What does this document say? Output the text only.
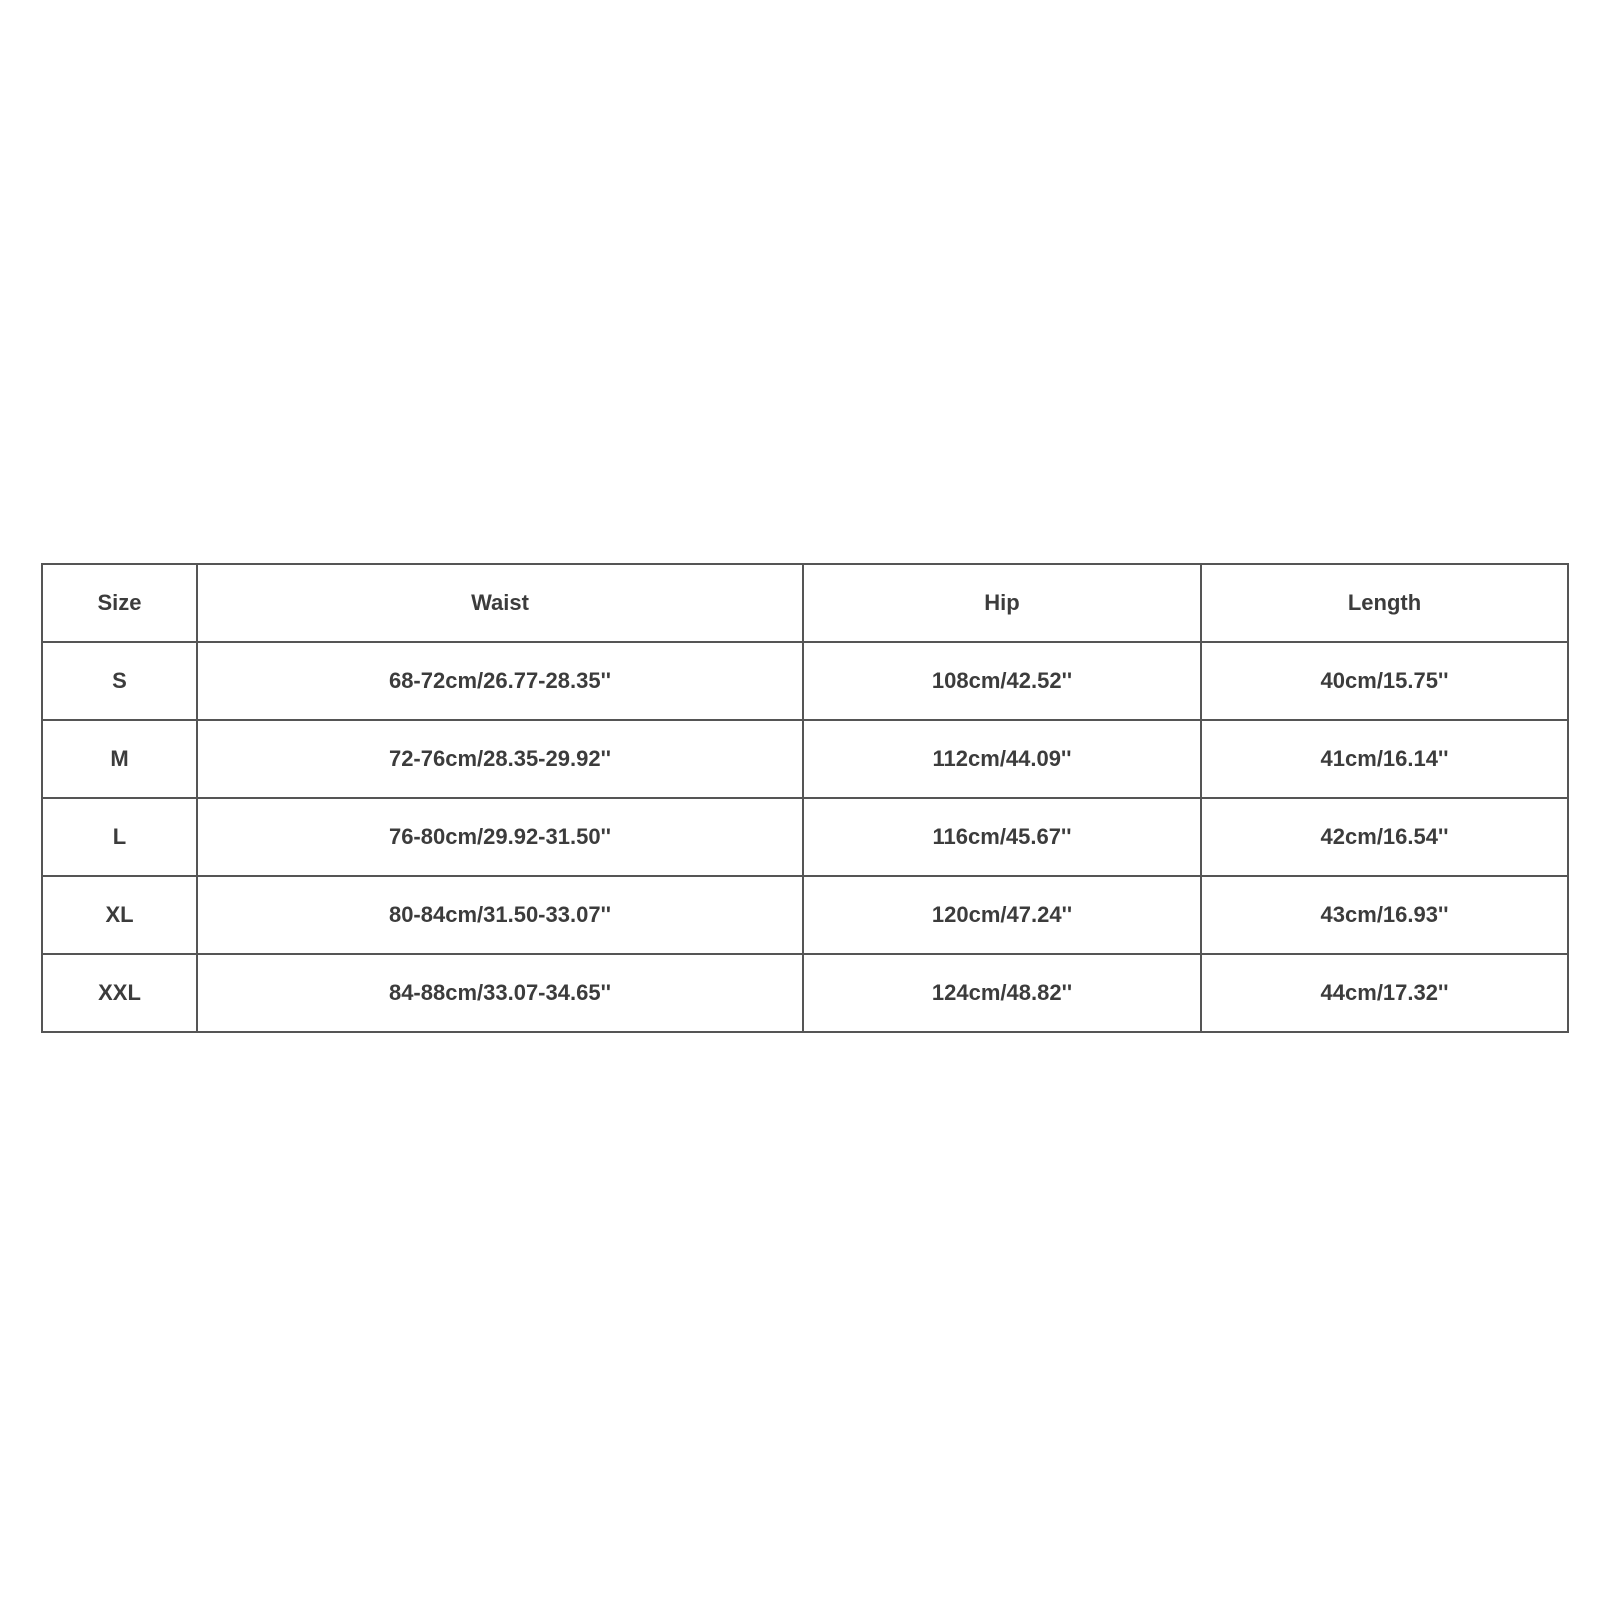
Size	Waist	Hip	Length
S	68-72cm/26.77-28.35''	108cm/42.52''	40cm/15.75''
M	72-76cm/28.35-29.92''	112cm/44.09''	41cm/16.14''
L	76-80cm/29.92-31.50''	116cm/45.67''	42cm/16.54''
XL	80-84cm/31.50-33.07''	120cm/47.24''	43cm/16.93''
XXL	84-88cm/33.07-34.65''	124cm/48.82''	44cm/17.32''
